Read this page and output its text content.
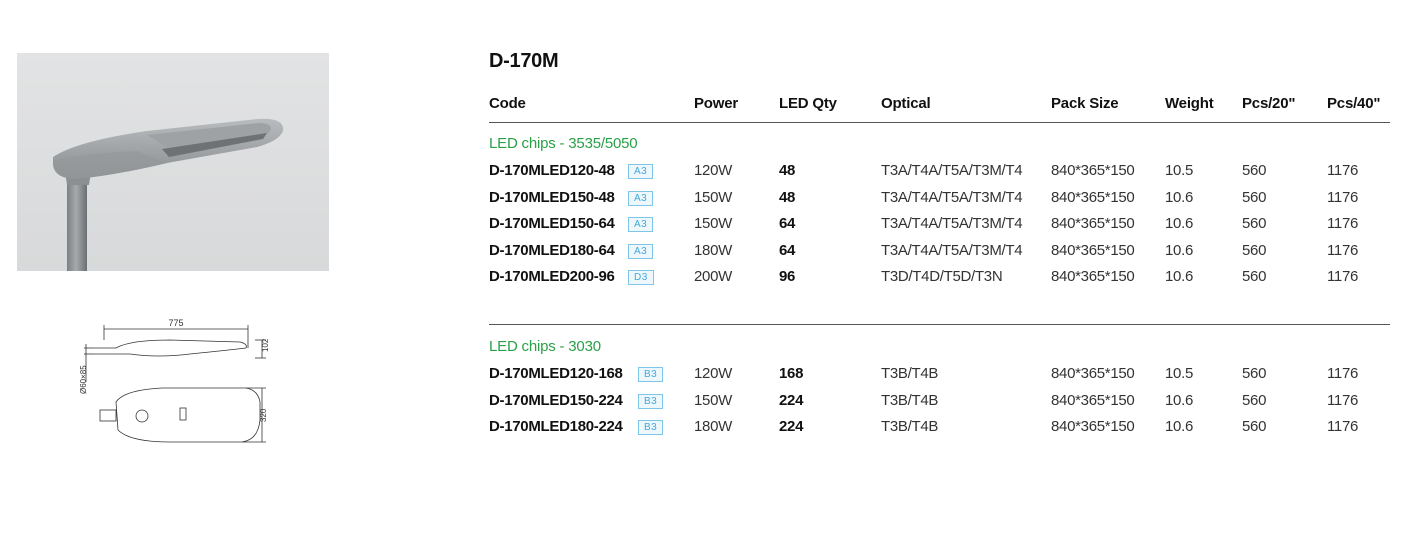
775
102
Ø60×85
320
D-170M
Code	Power	LED Qty	Optical	Pack Size	Weight Pcs/20" Pcs/40"
LED chips - 3535/5050
D-170MLED120-48	A3	120W	48	T3A/T4A/T5A/T3M/T4 840*365*150 10.5	560	1176
D-170MLED150-48	A3	150W	48	T3A/T4A/T5A/T3M/T4 840*365*150 10.6	560	1176
D-170MLED150-64	A3	150W	64	T3A/T4A/T5A/T3M/T4 840*365*150 10.6	560	1176
D-170MLED180-64	A3	180W	64	T3A/T4A/T5A/T3M/T4 840*365*150 10.6	560	1176
D-170MLED200-96	D3	200W	96	T3D/T4D/T5D/T3N	840*365*150 10.6	560	1176
LED chips - 3030
D-170MLED120-168	B3	120W	168	T3B/T4B	840*365*150 10.5	560	1176
D-170MLED150-224	B3	150W	224	T3B/T4B	840*365*150 10.6	560	1176
D-170MLED180-224	B3	180W	224	T3B/T4B	840*365*150 10.6	560	1176
